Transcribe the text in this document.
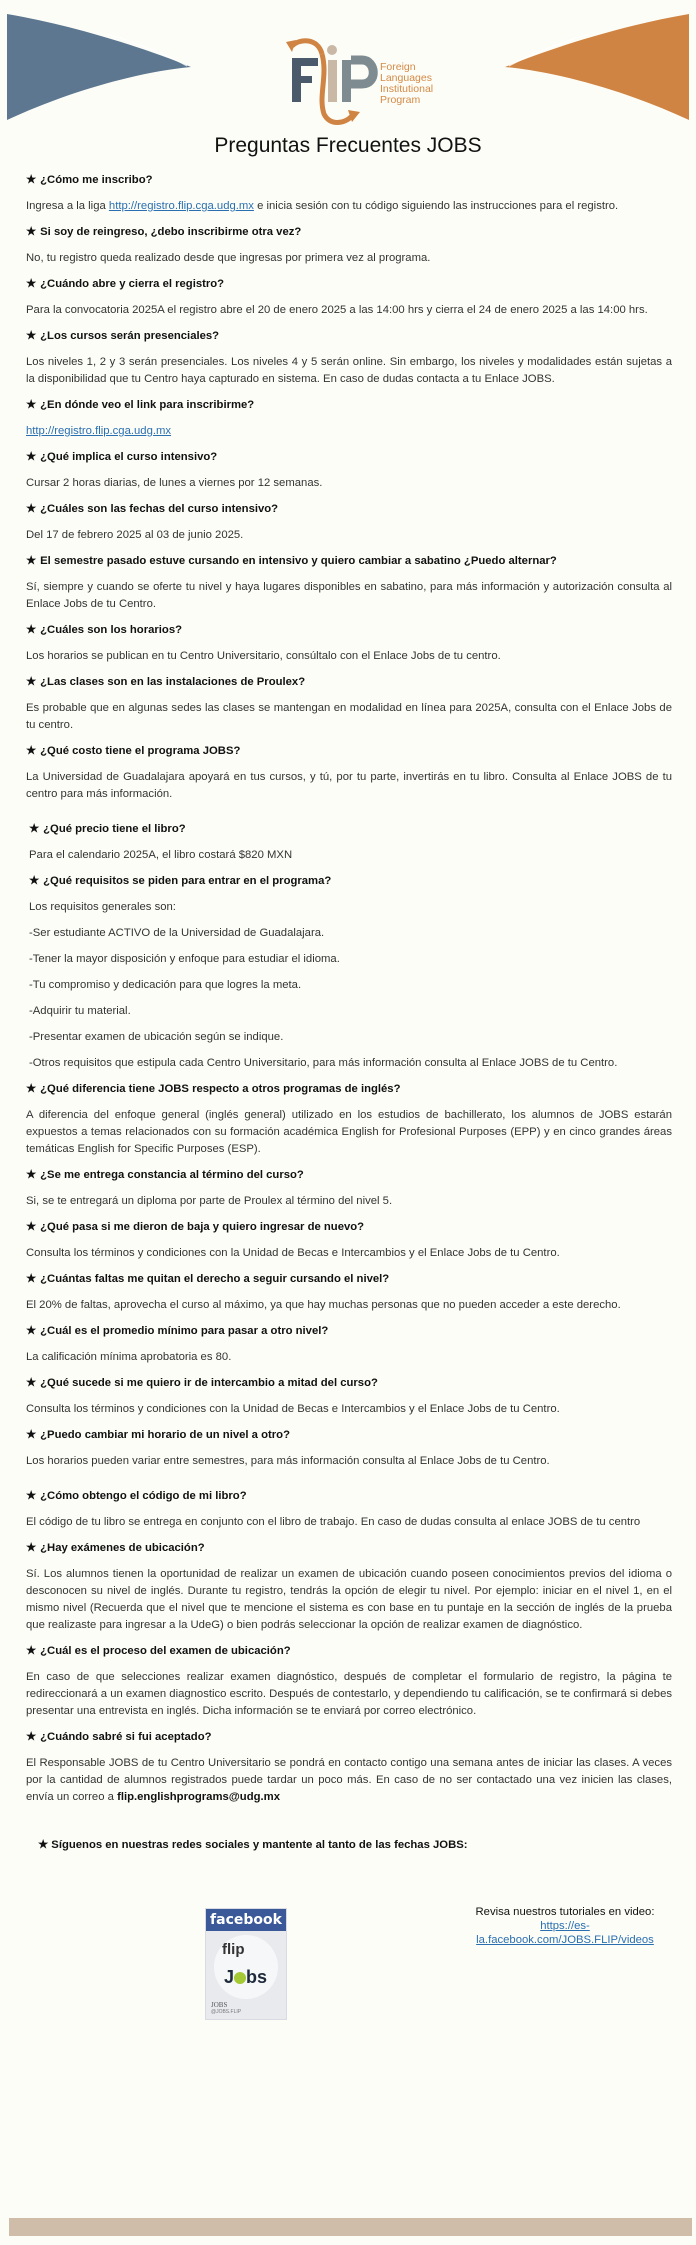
Foreign
Languages
Institutional
Program
Preguntas Frecuentes JOBS

★ ¿Cómo me inscribo?

Ingresa a la liga http://registro.flip.cga.udg.mx e inicia sesión con tu código siguiendo las instrucciones para el registro.

★ Si soy de reingreso, ¿debo inscribirme otra vez?

No, tu registro queda realizado desde que ingresas por primera vez al programa.

★ ¿Cuándo abre y cierra el registro?

Para la convocatoria 2025A el registro abre el 20 de enero 2025 a las 14:00 hrs y cierra el 24 de enero 2025 a las 14:00 hrs.

★ ¿Los cursos serán presenciales?

Los niveles 1, 2 y 3 serán presenciales. Los niveles 4 y 5 serán online. Sin embargo, los niveles y modalidades están sujetas a la disponibilidad que tu Centro haya capturado en sistema. En caso de dudas contacta a tu Enlace JOBS.

★ ¿En dónde veo el link para inscribirme?

http://registro.flip.cga.udg.mx

★ ¿Qué implica el curso intensivo?

Cursar 2 horas diarias, de lunes a viernes por 12 semanas.

★ ¿Cuáles son las fechas del curso intensivo?

Del 17 de febrero 2025 al 03 de junio 2025.

★ El semestre pasado estuve cursando en intensivo y quiero cambiar a sabatino ¿Puedo alternar?

Sí, siempre y cuando se oferte tu nivel y haya lugares disponibles en sabatino, para más información y autorización consulta al Enlace Jobs de tu Centro.

★ ¿Cuáles son los horarios?

Los horarios se publican en tu Centro Universitario, consúltalo con el Enlace Jobs de tu centro.

★ ¿Las clases son en las instalaciones de Proulex?

Es probable que en algunas sedes las clases se mantengan en modalidad en línea para 2025A, consulta con el Enlace Jobs de tu centro.

★ ¿Qué costo tiene el programa JOBS?

La Universidad de Guadalajara apoyará en tus cursos, y tú, por tu parte, invertirás en tu libro. Consulta al Enlace JOBS de tu centro para más información.

★ ¿Qué precio tiene el libro?

Para el calendario 2025A, el libro costará $820 MXN

★ ¿Qué requisitos se piden para entrar en el programa?

Los requisitos generales son:

-Ser estudiante ACTIVO de la Universidad de Guadalajara.

-Tener la mayor disposición y enfoque para estudiar el idioma.

-Tu compromiso y dedicación para que logres la meta.

-Adquirir tu material.

-Presentar examen de ubicación según se indique.

-Otros requisitos que estipula cada Centro Universitario, para más información consulta al Enlace JOBS de tu Centro.

★ ¿Qué diferencia tiene JOBS respecto a otros programas de inglés?

A diferencia del enfoque general (inglés general) utilizado en los estudios de bachillerato, los alumnos de JOBS estarán expuestos a temas relacionados con su formación académica English for Profesional Purposes (EPP) y en cinco grandes áreas temáticas English for Specific Purposes (ESP).

★ ¿Se me entrega constancia al término del curso?

Si, se te entregará un diploma por parte de Proulex al término del nivel 5.

★ ¿Qué pasa si me dieron de baja y quiero ingresar de nuevo?

Consulta los términos y condiciones con la Unidad de Becas e Intercambios y el Enlace Jobs de tu Centro.

★ ¿Cuántas faltas me quitan el derecho a seguir cursando el nivel?

El 20% de faltas, aprovecha el curso al máximo, ya que hay muchas personas que no pueden acceder a este derecho.

★ ¿Cuál es el promedio mínimo para pasar a otro nivel?

La calificación mínima aprobatoria es 80.

★ ¿Qué sucede si me quiero ir de intercambio a mitad del curso?

Consulta los términos y condiciones con la Unidad de Becas e Intercambios y el Enlace Jobs de tu Centro.

★ ¿Puedo cambiar mi horario de un nivel a otro?

Los horarios pueden variar entre semestres, para más información consulta al Enlace Jobs de tu Centro.

★ ¿Cómo obtengo el código de mi libro?

El código de tu libro se entrega en conjunto con el libro de trabajo. En caso de dudas consulta al enlace JOBS de tu centro

★ ¿Hay exámenes de ubicación?

Sí. Los alumnos tienen la oportunidad de realizar un examen de ubicación cuando poseen conocimientos previos del idioma o desconocen su nivel de inglés. Durante tu registro, tendrás la opción de elegir tu nivel. Por ejemplo: iniciar en el nivel 1, en el mismo nivel (Recuerda que el nivel que te mencione el sistema es con base en tu puntaje en la sección de inglés de la prueba que realizaste para ingresar a la UdeG) o bien podrás seleccionar la opción de realizar examen de diagnóstico.

★ ¿Cuál es el proceso del examen de ubicación?

En caso de que selecciones realizar examen diagnóstico, después de completar el formulario de registro, la página te redireccionará a un examen diagnostico escrito. Después de contestarlo, y dependiendo tu calificación, se te confirmará si debes presentar una entrevista en inglés. Dicha información se te enviará por correo electrónico.

★ ¿Cuándo sabré si fui aceptado?

El Responsable JOBS de tu Centro Universitario se pondrá en contacto contigo una semana antes de iniciar las clases. A veces por la cantidad de alumnos registrados puede tardar un poco más. En caso de no ser contactado una vez inicien las clases, envía un correo a flip.englishprograms@udg.mx

★ Síguenos en nuestras redes sociales y mantente al tanto de las fechas JOBS:
facebook
flip
J bs
JOBS
@JOBS.FLIP
Revisa nuestros tutoriales en video:
https://es-
la.facebook.com/JOBS.FLIP/videos
